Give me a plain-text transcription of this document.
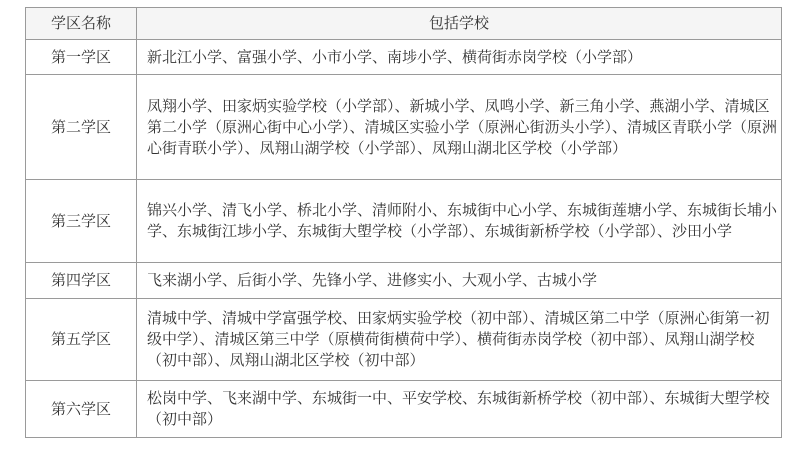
学区名称	包括学校
第一学区	新北江小学、富强小学、小市小学、南埗小学、横荷街赤岗学校（小学部）
第二学区	凤翔小学、田家炳实验学校（小学部）、新城小学、凤鸣小学、新三角小学、燕湖小学、清城区第二小学（原洲心街中心小学）、清城区实验小学（原洲心街沥头小学）、清城区青联小学（原洲心街青联小学）、凤翔山湖学校（小学部）、凤翔山湖北区学校（小学部）
第三学区	锦兴小学、清飞小学、桥北小学、清师附小、东城街中心小学、东城街莲塘小学、东城街长埔小学、东城街江埗小学、东城街大塱学校（小学部）、东城街新桥学校（小学部）、沙田小学
第四学区	飞来湖小学、后街小学、先锋小学、进修实小、大观小学、古城小学
第五学区	清城中学、清城中学富强学校、田家炳实验学校（初中部）、清城区第二中学（原洲心街第一初级中学）、清城区第三中学（原横荷街横荷中学）、横荷街赤岗学校（初中部）、凤翔山湖学校（初中部）、凤翔山湖北区学校（初中部）
第六学区	松岗中学、飞来湖中学、东城街一中、平安学校、东城街新桥学校（初中部）、东城街大塱学校（初中部）
